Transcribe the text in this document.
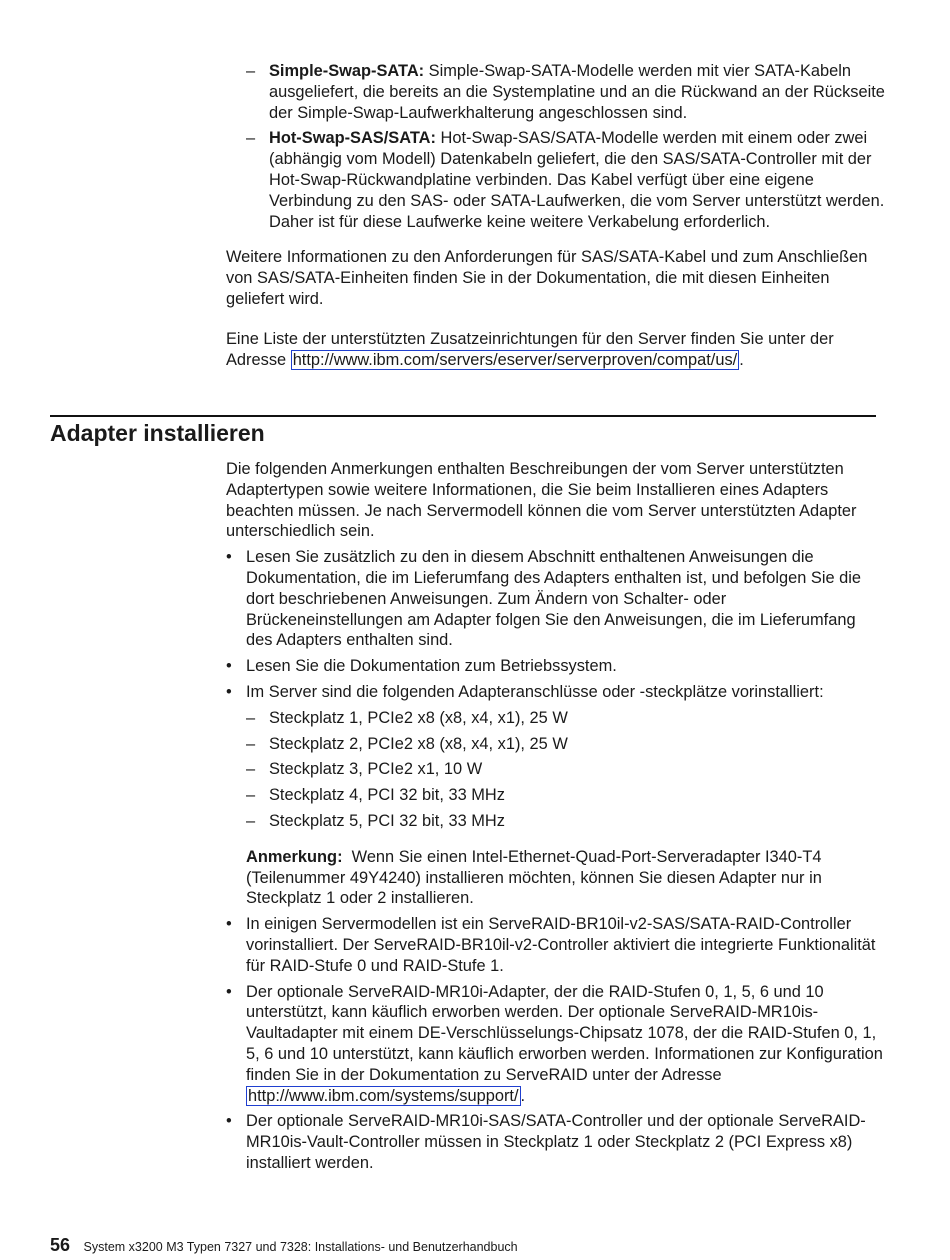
– Simple-Swap-SATA: Simple-Swap-SATA-Modelle werden mit vier SATA-Kabeln ausgeliefert, die bereits an die Systemplatine und an die Rückwand an der Rückseite der Simple-Swap-Laufwerkhalterung angeschlossen sind.
– Hot-Swap-SAS/SATA: Hot-Swap-SAS/SATA-Modelle werden mit einem oder zwei (abhängig vom Modell) Datenkabeln geliefert, die den SAS/SATA-Controller mit der Hot-Swap-Rückwandplatine verbinden. Das Kabel verfügt über eine eigene Verbindung zu den SAS- oder SATA-Laufwerken, die vom Server unterstützt werden. Daher ist für diese Laufwerke keine weitere Verkabelung erforderlich.

Weitere Informationen zu den Anforderungen für SAS/SATA-Kabel und zum Anschließen von SAS/SATA-Einheiten finden Sie in der Dokumentation, die mit diesen Einheiten geliefert wird.

Eine Liste der unterstützten Zusatzeinrichtungen für den Server finden Sie unter der Adresse http://www.ibm.com/servers/eserver/serverproven/compat/us/ .

Adapter installieren

Die folgenden Anmerkungen enthalten Beschreibungen der vom Server unterstützten Adaptertypen sowie weitere Informationen, die Sie beim Installieren eines Adapters beachten müssen. Je nach Servermodell können die vom Server unterstützten Adapter unterschiedlich sein.

• Lesen Sie zusätzlich zu den in diesem Abschnitt enthaltenen Anweisungen die Dokumentation, die im Lieferumfang des Adapters enthalten ist, und befolgen Sie die dort beschriebenen Anweisungen. Zum Ändern von Schalter- oder Brückeneinstellungen am Adapter folgen Sie den Anweisungen, die im Lieferumfang des Adapters enthalten sind.
• Lesen Sie die Dokumentation zum Betriebssystem.
• Im Server sind die folgenden Adapteranschlüsse oder -steckplätze vorinstalliert:
– Steckplatz 1, PCIe2 x8 (x8, x4, x1), 25 W
– Steckplatz 2, PCIe2 x8 (x8, x4, x1), 25 W
– Steckplatz 3, PCIe2 x1, 10 W
– Steckplatz 4, PCI 32 bit, 33 MHz
– Steckplatz 5, PCI 32 bit, 33 MHz

Anmerkung: Wenn Sie einen Intel-Ethernet-Quad-Port-Serveradapter I340-T4 (Teilenummer 49Y4240) installieren möchten, können Sie diesen Adapter nur in Steckplatz 1 oder 2 installieren.

• In einigen Servermodellen ist ein ServeRAID-BR10il-v2-SAS/SATA-RAID-Controller vorinstalliert. Der ServeRAID-BR10il-v2-Controller aktiviert die integrierte Funktionalität für RAID-Stufe 0 und RAID-Stufe 1.
• Der optionale ServeRAID-MR10i-Adapter, der die RAID-Stufen 0, 1, 5, 6 und 10 unterstützt, kann käuflich erworben werden. Der optionale ServeRAID-MR10is-Vaultadapter mit einem DE-Verschlüsselungs-Chipsatz 1078, der die RAID-Stufen 0, 1, 5, 6 und 10 unterstützt, kann käuflich erworben werden. Informationen zur Konfiguration finden Sie in der Dokumentation zu ServeRAID unter der Adresse http://www.ibm.com/systems/support/ .
• Der optionale ServeRAID-MR10i-SAS/SATA-Controller und der optionale ServeRAID-MR10is-Vault-Controller müssen in Steckplatz 1 oder Steckplatz 2 (PCI Express x8) installiert werden.
56 System x3200 M3 Typen 7327 und 7328: Installations- und Benutzerhandbuch
